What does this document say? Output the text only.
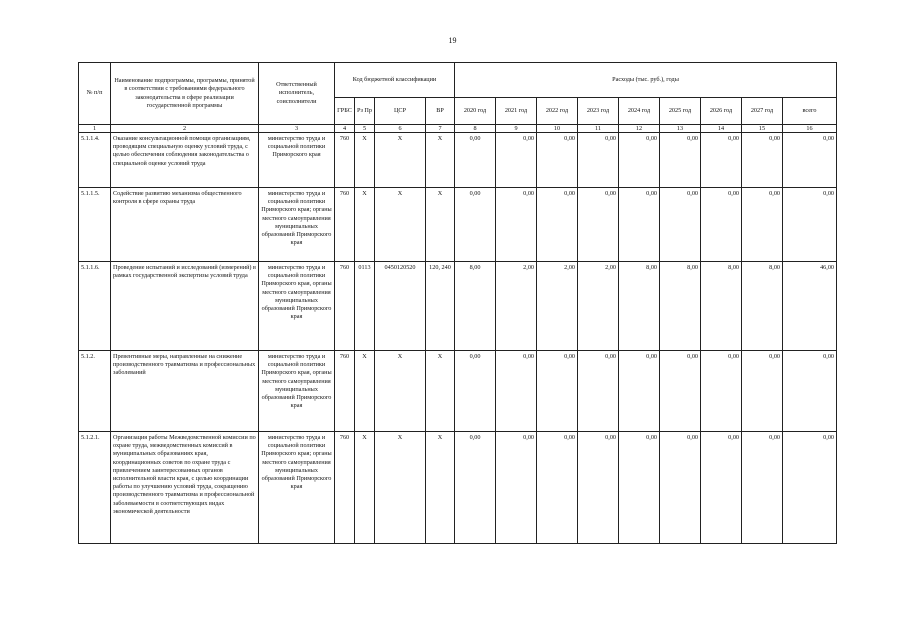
19
№ п/п	Наименование подпрограммы, программы, принятой в соответствии с требованиями федерального законодательства в сфере реализации государственной программы	Ответственный исполнитель, соисполнители	Код бюджетной классификации				Расходы (тыс. руб.), годы								
			ГРБС	Рз Пр	ЦСР	ВР	2020 год	2021 год	2022 год	2023 год	2024 год	2025 год	2026 год	2027 год	всего
1	2	3	4	5	6	7	8	9	10	11	12	13	14	15	16
5.1.1.4.	Оказание консультационной помощи организациям, проводящим специальную оценку условий труда, с целью обеспечения соблюдения законодательства о специальной оценке условий труда	министерство труда и социальной политики Приморского края	760	X	X	X	0,00	0,00	0,00	0,00	0,00	0,00	0,00	0,00	0,00
5.1.1.5.	Содействие развитию механизма общественного контроля в сфере охраны труда	министерство труда и социальной политики Приморского края; органы местного самоуправления муниципальных образований Приморского края	760	X	X	X	0,00	0,00	0,00	0,00	0,00	0,00	0,00	0,00	0,00
5.1.1.6.	Проведение испытаний и исследований (измерений) в рамках государственной экспертизы условий труда	министерство труда и социальной политики Приморского края, органы местного самоуправления муниципальных образований Приморского края	760	0113	0450120520	120, 240	8,00	2,00	2,00	2,00	8,00	8,00	8,00	8,00	46,00
5.1.2.	Превентивные меры, направленные на снижение производственного травматизма и профессиональных заболеваний	министерство труда и социальной политики Приморского края, органы местного самоуправления муниципальных образований Приморского края	760	X	X	X	0,00	0,00	0,00	0,00	0,00	0,00	0,00	0,00	0,00
5.1.2.1.	Организация работы Межведомственной комиссии по охране труда, межведомственных комиссий в муниципальных образованиях края, координационных советов по охране труда с привлечением заинтересованных органов исполнительной власти края, с целью координации работы по улучшению условий труда, сокращению производственного травматизма и профессиональной заболеваемости в соответствующих видах экономической деятельности	министерство труда и социальной политики Приморского края; органы местного самоуправления муниципальных образований Приморского края	760	X	X	X	0,00	0,00	0,00	0,00	0,00	0,00	0,00	0,00	0,00
